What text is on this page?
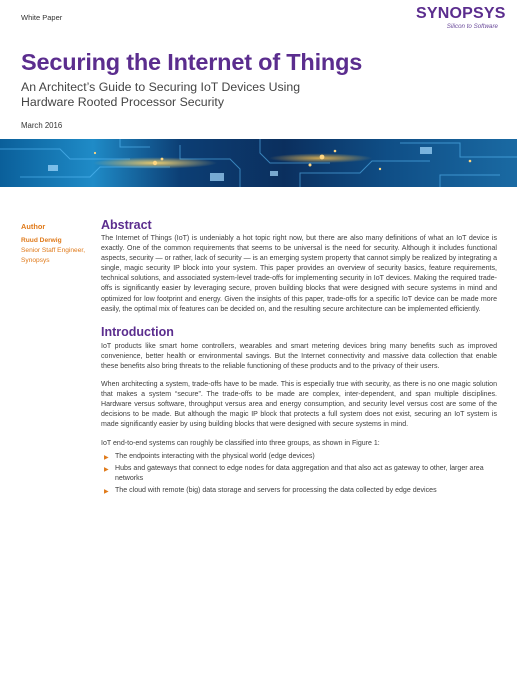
White Paper	SYNOPSYS
Silicon to Software
Securing the Internet of Things
An Architect’s Guide to Securing IoT Devices Using Hardware Rooted Processor Security
March 2016
Author
Ruud Derwig
Senior Staff Engineer,
Synopsys
Abstract

The Internet of Things (IoT) is undeniably a hot topic right now, but there are also many definitions of what an IoT device is exactly. One of the common requirements that seems to be universal is the need for security. Although it includes functional aspects, security — or rather, lack of security — is an emerging system property that cannot simply be realized by integrating a single, magic security IP block into your system. This paper provides an overview of security basics, feature requirements, technical solutions, and associated system-level trade-offs for implementing security in IoT devices. Making the required trade-offs is significantly easier by leveraging secure, proven building blocks that were designed with secure systems in mind and optimized for low footprint and energy. Given the insights of this paper, trade-offs for a specific IoT device can be made more easily, the optimal mix of features can be decided on, and the resulting secure architecture can be implemented efficiently.

Introduction

IoT products like smart home controllers, wearables and smart metering devices bring many benefits such as improved convenience, better health or environmental savings. But the Internet connectivity and massive data collection that enable these benefits also bring threats to the reliable functioning of these products and to the privacy of their users.

When architecting a system, trade-offs have to be made. This is especially true with security, as there is no one magic solution that makes a system “secure”. The trade-offs to be made are complex, inter-dependent, and span multiple disciplines. Hardware versus software, throughput versus area and energy consumption, and security level versus cost are some of the decisions to be made. But although the magic IP block that protects a full system does not exist, securing an IoT system is made significantly easier by using building blocks that were designed with secure systems in mind.

IoT end-to-end systems can roughly be classified into three groups, as shown in Figure 1:

▶ The endpoints interacting with the physical world (edge devices)
▶ Hubs and gateways that connect to edge nodes for data aggregation and that also act as gateway to other, larger area networks
▶ The cloud with remote (big) data storage and servers for processing the data collected by edge devices
